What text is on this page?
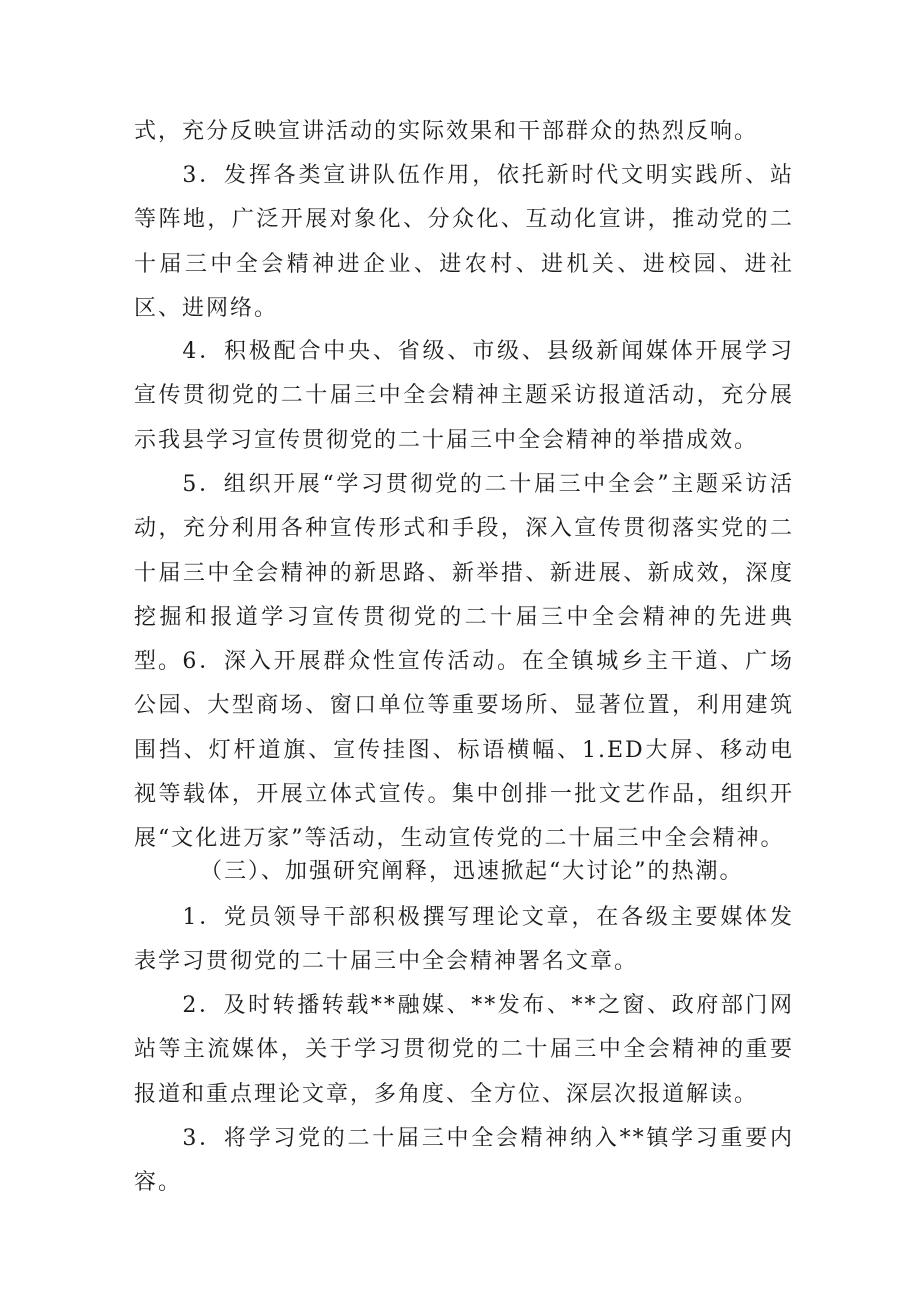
式，充分反映宣讲活动的实际效果和干部群众的热烈反响。

3．发挥各类宣讲队伍作用，依托新时代文明实践所、站等阵地，广泛开展对象化、分众化、互动化宣讲，推动党的二十届三中全会精神进企业、进农村、进机关、进校园、进社区、进网络。

4．积极配合中央、省级、市级、县级新闻媒体开展学习宣传贯彻党的二十届三中全会精神主题采访报道活动，充分展示我县学习宣传贯彻党的二十届三中全会精神的举措成效。

5．组织开展“学习贯彻党的二十届三中全会”主题采访活动，充分利用各种宣传形式和手段，深入宣传贯彻落实党的二十届三中全会精神的新思路、新举措、新进展、新成效，深度挖掘和报道学习宣传贯彻党的二十届三中全会精神的先进典型。 6．深入开展群众性宣传活动。在全镇城乡主干道、广场公园、大型商场、窗口单位等重要场所、显著位置，利用建筑围挡、灯杆道旗、宣传挂图、标语横幅、1.ED大屏、移动电视等载体，开展立体式宣传。集中创排一批文艺作品，组织开展“文化进万家”等活动，生动宣传党的二十届三中全会精神。

（三）、加强研究阐释，迅速掀起“大讨论”的热潮。

1．党员领导干部积极撰写理论文章，在各级主要媒体发表学习贯彻党的二十届三中全会精神署名文章。

2．及时转播转载**融媒、**发布、**之窗、政府部门网站等主流媒体，关于学习贯彻党的二十届三中全会精神的重要报道和重点理论文章，多角度、全方位、深层次报道解读。

3．将学习党的二十届三中全会精神纳入**镇学习重要内容。
